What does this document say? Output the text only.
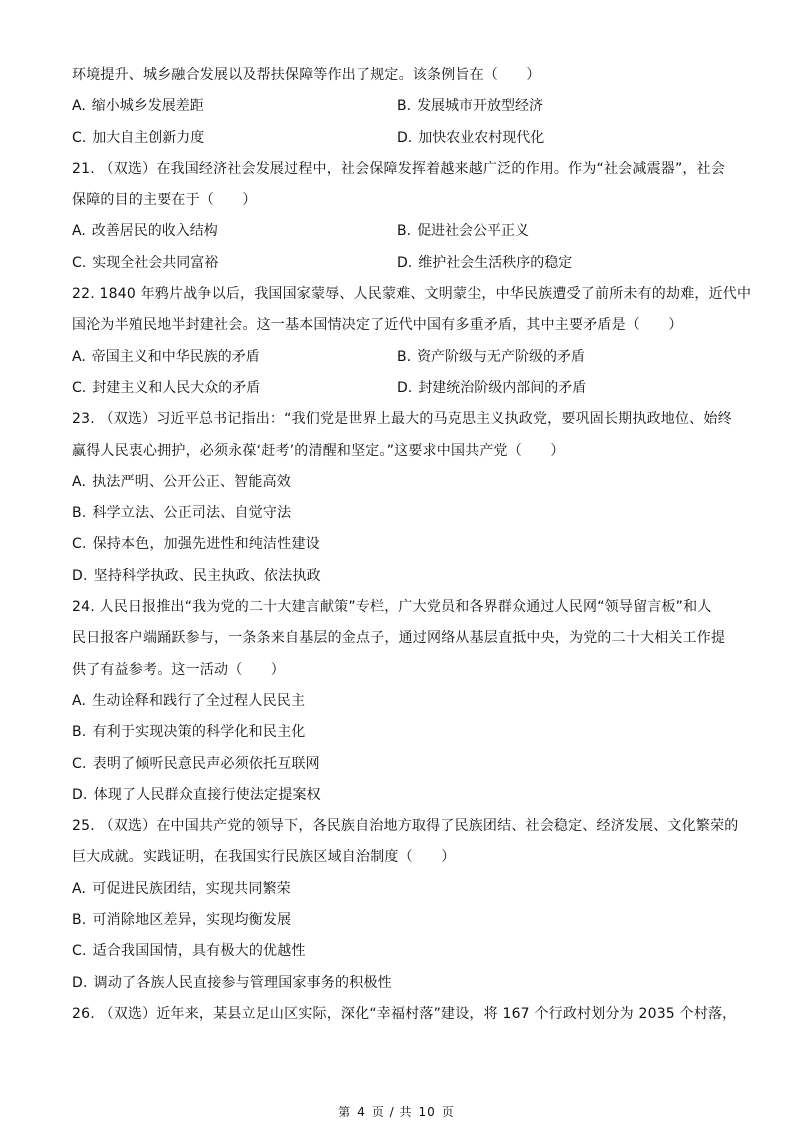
环境提升、城乡融合发展以及帮扶保障等作出了规定。该条例旨在（　　）
A. 缩小城乡发展差距	B. 发展城市开放型经济
C. 加大自主创新力度	D. 加快农业农村现代化
21. （双选）在我国经济社会发展过程中，社会保障发挥着越来越广泛的作用。作为“社会减震器”，社会
保障的目的主要在于（　　）
A. 改善居民的收入结构	B. 促进社会公平正义
C. 实现全社会共同富裕	D. 维护社会生活秩序的稳定
22. 1840 年鸦片战争以后，我国国家蒙辱、人民蒙难、文明蒙尘，中华民族遭受了前所未有的劫难，近代中
国沦为半殖民地半封建社会。这一基本国情决定了近代中国有多重矛盾，其中主要矛盾是（　　）
A. 帝国主义和中华民族的矛盾	B. 资产阶级与无产阶级的矛盾
C. 封建主义和人民大众的矛盾	D. 封建统治阶级内部间的矛盾
23. （双选）习近平总书记指出：“我们党是世界上最大的马克思主义执政党，要巩固长期执政地位、始终
赢得人民衷心拥护，必须永葆‘赶考’的清醒和坚定。”这要求中国共产党（　　）
A. 执法严明、公开公正、智能高效
B. 科学立法、公正司法、自觉守法
C. 保持本色，加强先进性和纯洁性建设
D. 坚持科学执政、民主执政、依法执政
24. 人民日报推出“我为党的二十大建言献策”专栏，广大党员和各界群众通过人民网“领导留言板”和人
民日报客户端踊跃参与，一条条来自基层的金点子，通过网络从基层直抵中央，为党的二十大相关工作提
供了有益参考。这一活动（　　）
A. 生动诠释和践行了全过程人民民主
B. 有利于实现决策的科学化和民主化
C. 表明了倾听民意民声必须依托互联网
D. 体现了人民群众直接行使法定提案权
25. （双选）在中国共产党的领导下，各民族自治地方取得了民族团结、社会稳定、经济发展、文化繁荣的
巨大成就。实践证明，在我国实行民族区域自治制度（　　）
A. 可促进民族团结，实现共同繁荣
B. 可消除地区差异，实现均衡发展
C. 适合我国国情，具有极大的优越性
D. 调动了各族人民直接参与管理国家事务的积极性
26. （双选）近年来，某县立足山区实际，深化“幸福村落”建设，将 167 个行政村划分为 2035 个村落，
第 4 页 / 共 10 页
